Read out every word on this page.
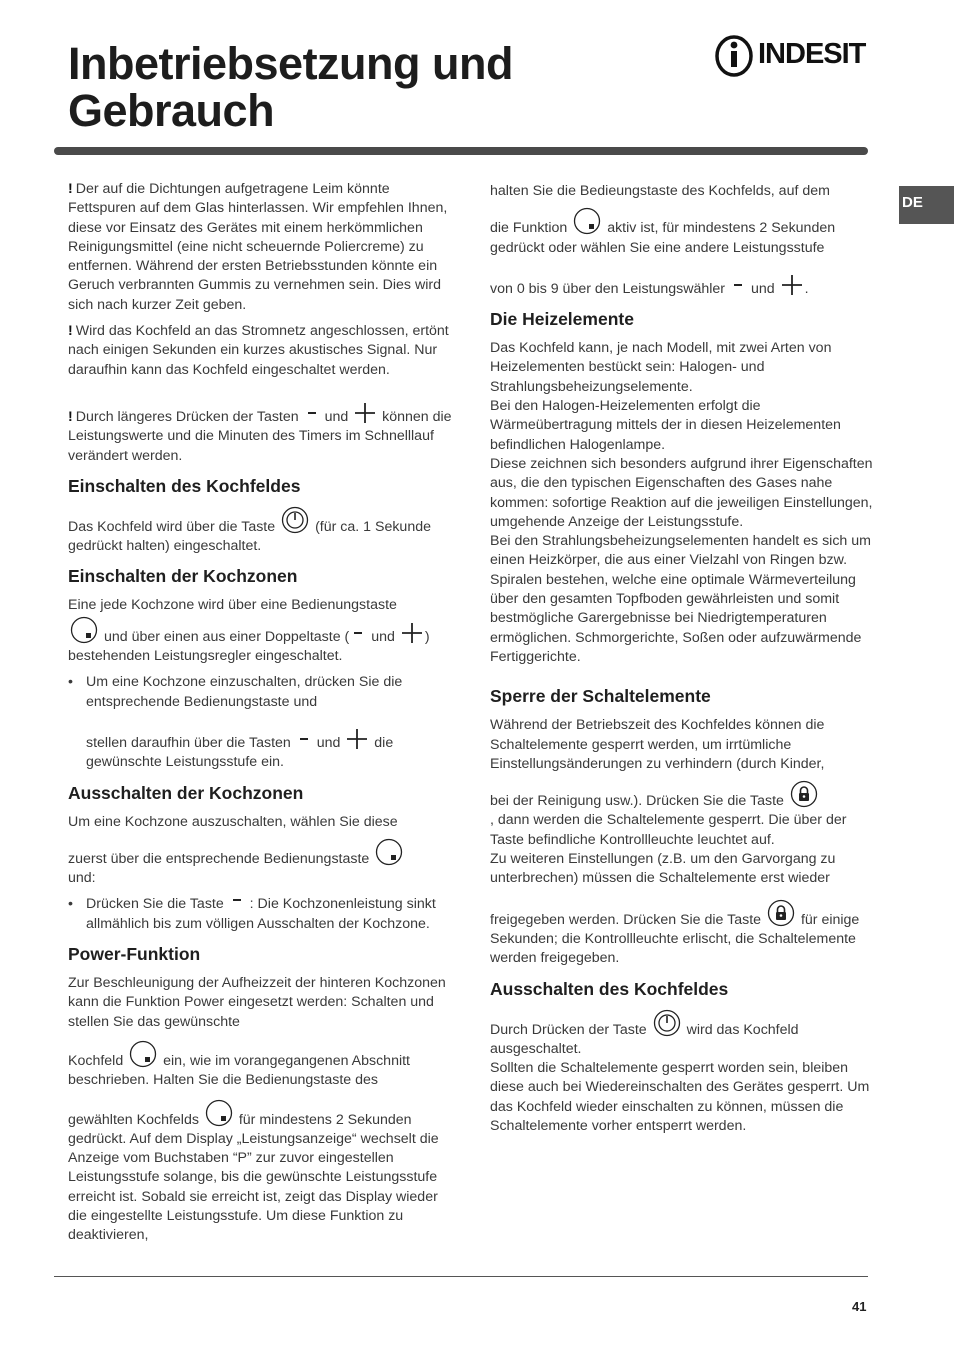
Inbetriebsetzung und
Gebrauch
INDESIT
DE

! Der auf die Dichtungen aufgetragene Leim könnte Fettspuren auf dem Glas hinterlassen. Wir empfehlen Ihnen, diese vor Einsatz des Gerätes mit einem herkömmlichen Reinigungsmittel (eine nicht scheuernde Poliercreme) zu entfernen. Während der ersten Betriebsstunden könnte ein Geruch verbrannten Gummis zu vernehmen sein. Dies wird sich nach kurzer Zeit geben.

! Wird das Kochfeld an das Stromnetz angeschlossen, ertönt nach einigen Sekunden ein kurzes akustisches Signal. Nur daraufhin kann das Kochfeld eingeschaltet werden.

! Durch längeres Drücken der Tasten und können die Leistungswerte und die Minuten des Timers im Schnelllauf verändert werden.

Einschalten des Kochfeldes

Das Kochfeld wird über die Taste	(für ca. 1 Sekunde gedrückt halten) eingeschaltet.

Einschalten der Kochzonen

Eine jede Kochzone wird über eine Bedienungstaste
und über einen aus einer Doppeltaste ( und )
bestehenden Leistungsregler eingeschaltet.

• Um eine Kochzone einzuschalten, drücken Sie die entsprechende Bedienungstaste und

stellen daraufhin über die Tasten und die gewünschte Leistungsstufe ein.
Ausschalten der Kochzonen

Um eine Kochzone auszuschalten, wählen Sie diese

zuerst über die entsprechende Bedienungstaste
und:

• Drücken Sie die Taste : Die Kochzonenleistung sinkt allmählich bis zum völligen Ausschalten der Kochzone.
Power-Funktion

Zur Beschleunigung der Aufheizzeit der hinteren Kochzonen kann die Funktion Power eingesetzt werden: Schalten und stellen Sie das gewünschte

Kochfeld	ein, wie im vorangegangenen Abschnitt beschrieben. Halten Sie die Bedienungstaste des

gewählten Kochfelds	für mindestens 2 Sekunden gedrückt. Auf dem Display „Leistungsanzeige“ wechselt die Anzeige vom Buchstaben “P” zur zuvor eingestellen Leistungsstufe solange, bis die gewünschte Leistungsstufe erreicht ist. Sobald sie erreicht ist, zeigt das Display wieder die eingestellte Leistungsstufe. Um diese Funktion zu deaktivieren,

halten Sie die Bedieungstaste des Kochfelds, auf dem

die Funktion	aktiv ist, für mindestens 2 Sekunden gedrückt oder wählen Sie eine andere Leistungsstufe

von 0 bis 9 über den Leistungswähler und .

Die Heizelemente

Das Kochfeld kann, je nach Modell, mit zwei Arten von Heizelementen bestückt sein: Halogen- und Strahlungsbeheizungselemente.
Bei den Halogen-Heizelementen erfolgt die Wärmeübertragung mittels der in diesen Heizelementen befindlichen Halogenlampe.
Diese zeichnen sich besonders aufgrund ihrer Eigenschaften aus, die den typischen Eigenschaften des Gases nahe kommen: sofortige Reaktion auf die jeweiligen Einstellungen, umgehende Anzeige der Leistungsstufe.
Bei den Strahlungsbeheizungselementen handelt es sich um einen Heizkörper, die aus einer Vielzahl von Ringen bzw. Spiralen bestehen, welche eine optimale Wärmeverteilung über den gesamten Topfboden gewährleisten und somit bestmögliche Garergebnisse bei Niedrigtemperaturen ermöglichen. Schmorgerichte, Soßen oder aufzuwärmende Fertiggerichte.

Sperre der Schaltelemente

Während der Betriebszeit des Kochfeldes können die Schaltelemente gesperrt werden, um irrtümliche Einstellungsänderungen zu verhindern (durch Kinder,

bei der Reinigung usw.). Drücken Sie die Taste
, dann werden die Schaltelemente gesperrt. Die über der Taste befindliche Kontrollleuchte leuchtet auf.
Zu weiteren Einstellungen (z.B. um den Garvorgang zu unterbrechen) müssen die Schaltelemente erst wieder

freigegeben werden. Drücken Sie die Taste	für einige Sekunden; die Kontrollleuchte erlischt, die Schaltelemente werden freigegeben.

Ausschalten des Kochfeldes

Durch Drücken der Taste	wird das Kochfeld ausgeschaltet.
Sollten die Schaltelemente gesperrt worden sein, bleiben diese auch bei Wiedereinschalten des Gerätes gesperrt. Um das Kochfeld wieder einschalten zu können, müssen die Schaltelemente vorher entsperrt werden.

41
